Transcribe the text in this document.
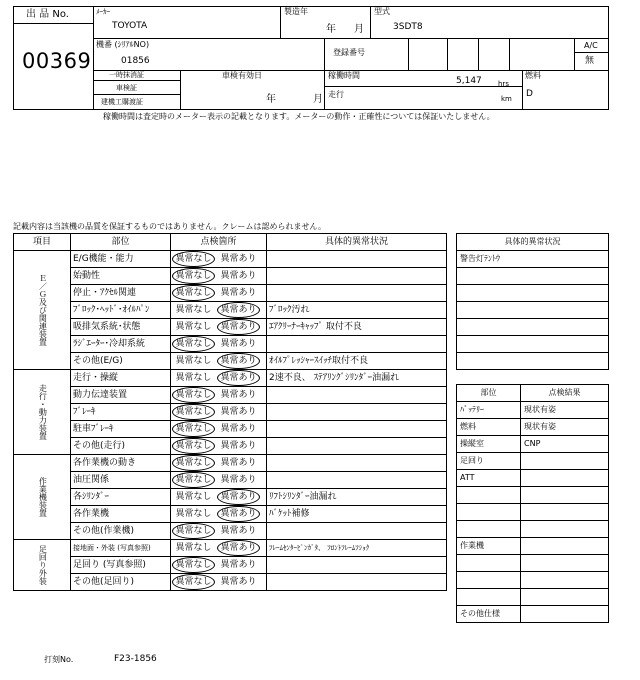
出 品 No.
00369
ﾒｰｶｰ
TOYOTA
製造年
年 月
型式
3SDT8
機番 (ｼﾘｱﾙNO)
01856
登録番号
A/C
無
一時抹消証
車検証
建機工購渡証
車検有効日
年	月
稼働時間
5,147 hrs
走行	km
燃料
D
稼働時間は査定時のメーター表示の記載となります。メーターの動作・正確性については保証いたしません。
記載内容は当該機の品質を保証するものではありません。クレームは認められません。
項目	部位	点検箇所	具体的異常状況
Ｅ／Ｇ及び関連装置	E/G機能・能力	異常なし 異常あり	
	始動性	異常なし 異常あり	
	停止・ｱｸｾﾙ関連	異常なし 異常あり	
	ﾌﾞﾛｯｸ･ﾍｯﾄﾞ･ｵｲﾙﾊﾟﾝ	異常なし 異常あり	ﾌﾞﾛｯｸ汚れ
	吸排気系統･状態	異常なし 異常あり	ｴｱｸﾘｰﾅｰｷｬｯﾌﾟ 取付不良
	ﾗｼﾞｴｰﾀｰ･冷却系統	異常なし 異常あり	
	その他(E/G)	異常なし 異常あり	ｵｲﾙﾌﾟﾚｯｼｬｰｽｲｯﾁ取付不良
走行・動力装置	走行・操縦	異常なし 異常あり	2速不良、 ｽﾃｱﾘﾝｸﾞｼﾘﾝﾀﾞｰ油漏れ
	動力伝達装置	異常なし 異常あり	
	ﾌﾞﾚｰｷ	異常なし 異常あり	
	駐車ﾌﾞﾚｰｷ	異常なし 異常あり	
	その他(走行)	異常なし 異常あり	
作業機装置	各作業機の動き	異常なし 異常あり	
	油圧関係	異常なし 異常あり	
	各ｼﾘﾝﾀﾞｰ	異常なし 異常あり	ﾘﾌﾄｼﾘﾝﾀﾞｰ油漏れ
	各作業機	異常なし 異常あり	ﾊﾞｹｯﾄ補修
	その他(作業機)	異常なし 異常あり	
足回り外装	接地面・外装 (写真参照)	異常なし 異常あり	ﾌﾚｰﾑｾﾝﾀｰﾋﾟﾝｶﾞﾀ、 ﾌﾛﾝﾄﾌﾚｰﾑﾌｼｮｸ
	足回り (写真参照)	異常なし 異常あり	
	その他(足回り)	異常なし 異常あり	
具体的異常状況
警告灯ﾃﾝﾄｳ

部位	点検結果
ﾊﾞｯﾃﾘｰ	現状有姿
燃料	現状有姿
操縦室	CNP
足回り	
ATT	

作業機	

その他仕様	
打刻No.	F23-1856
